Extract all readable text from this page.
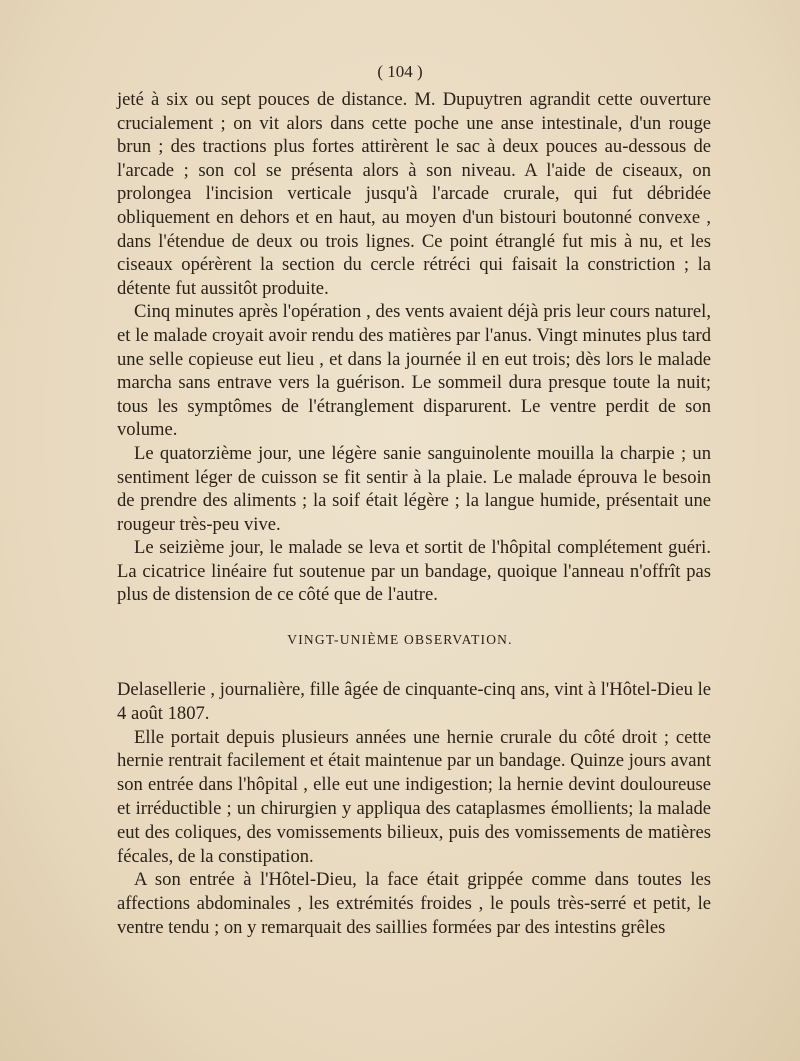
( 104 )

jeté à six ou sept pouces de distance. M. Dupuytren agrandit cette ouverture crucialement ; on vit alors dans cette poche une anse intestinale, d'un rouge brun ; des tractions plus fortes attirèrent le sac à deux pouces au-dessous de l'arcade ; son col se présenta alors à son niveau. A l'aide de ciseaux, on prolongea l'incision verticale jusqu'à l'arcade crurale, qui fut débridée obliquement en dehors et en haut, au moyen d'un bistouri boutonné convexe , dans l'étendue de deux ou trois lignes. Ce point étranglé fut mis à nu, et les ciseaux opérèrent la section du cercle rétréci qui faisait la constriction ; la détente fut aussitôt produite.

Cinq minutes après l'opération , des vents avaient déjà pris leur cours naturel, et le malade croyait avoir rendu des matières par l'anus. Vingt minutes plus tard une selle copieuse eut lieu , et dans la journée il en eut trois; dès lors le malade marcha sans entrave vers la guérison. Le sommeil dura presque toute la nuit; tous les symptômes de l'étranglement disparurent. Le ventre perdit de son volume.

Le quatorzième jour, une légère sanie sanguinolente mouilla la charpie ; un sentiment léger de cuisson se fit sentir à la plaie. Le malade éprouva le besoin de prendre des aliments ; la soif était légère ; la langue humide, présentait une rougeur très-peu vive.

Le seizième jour, le malade se leva et sortit de l'hôpital complétement guéri. La cicatrice linéaire fut soutenue par un bandage, quoique l'anneau n'offrît pas plus de distension de ce côté que de l'autre.

VINGT-UNIÈME OBSERVATION.

Delasellerie , journalière, fille âgée de cinquante-cinq ans, vint à l'Hôtel-Dieu le 4 août 1807.

Elle portait depuis plusieurs années une hernie crurale du côté droit ; cette hernie rentrait facilement et était maintenue par un bandage. Quinze jours avant son entrée dans l'hôpital , elle eut une indigestion; la hernie devint douloureuse et irréductible ; un chirurgien y appliqua des cataplasmes émollients; la malade eut des coliques, des vomissements bilieux, puis des vomissements de matières fécales, de la constipation.

A son entrée à l'Hôtel-Dieu, la face était grippée comme dans toutes les affections abdominales , les extrémités froides , le pouls très-serré et petit, le ventre tendu ; on y remarquait des saillies formées par des intestins grêles
